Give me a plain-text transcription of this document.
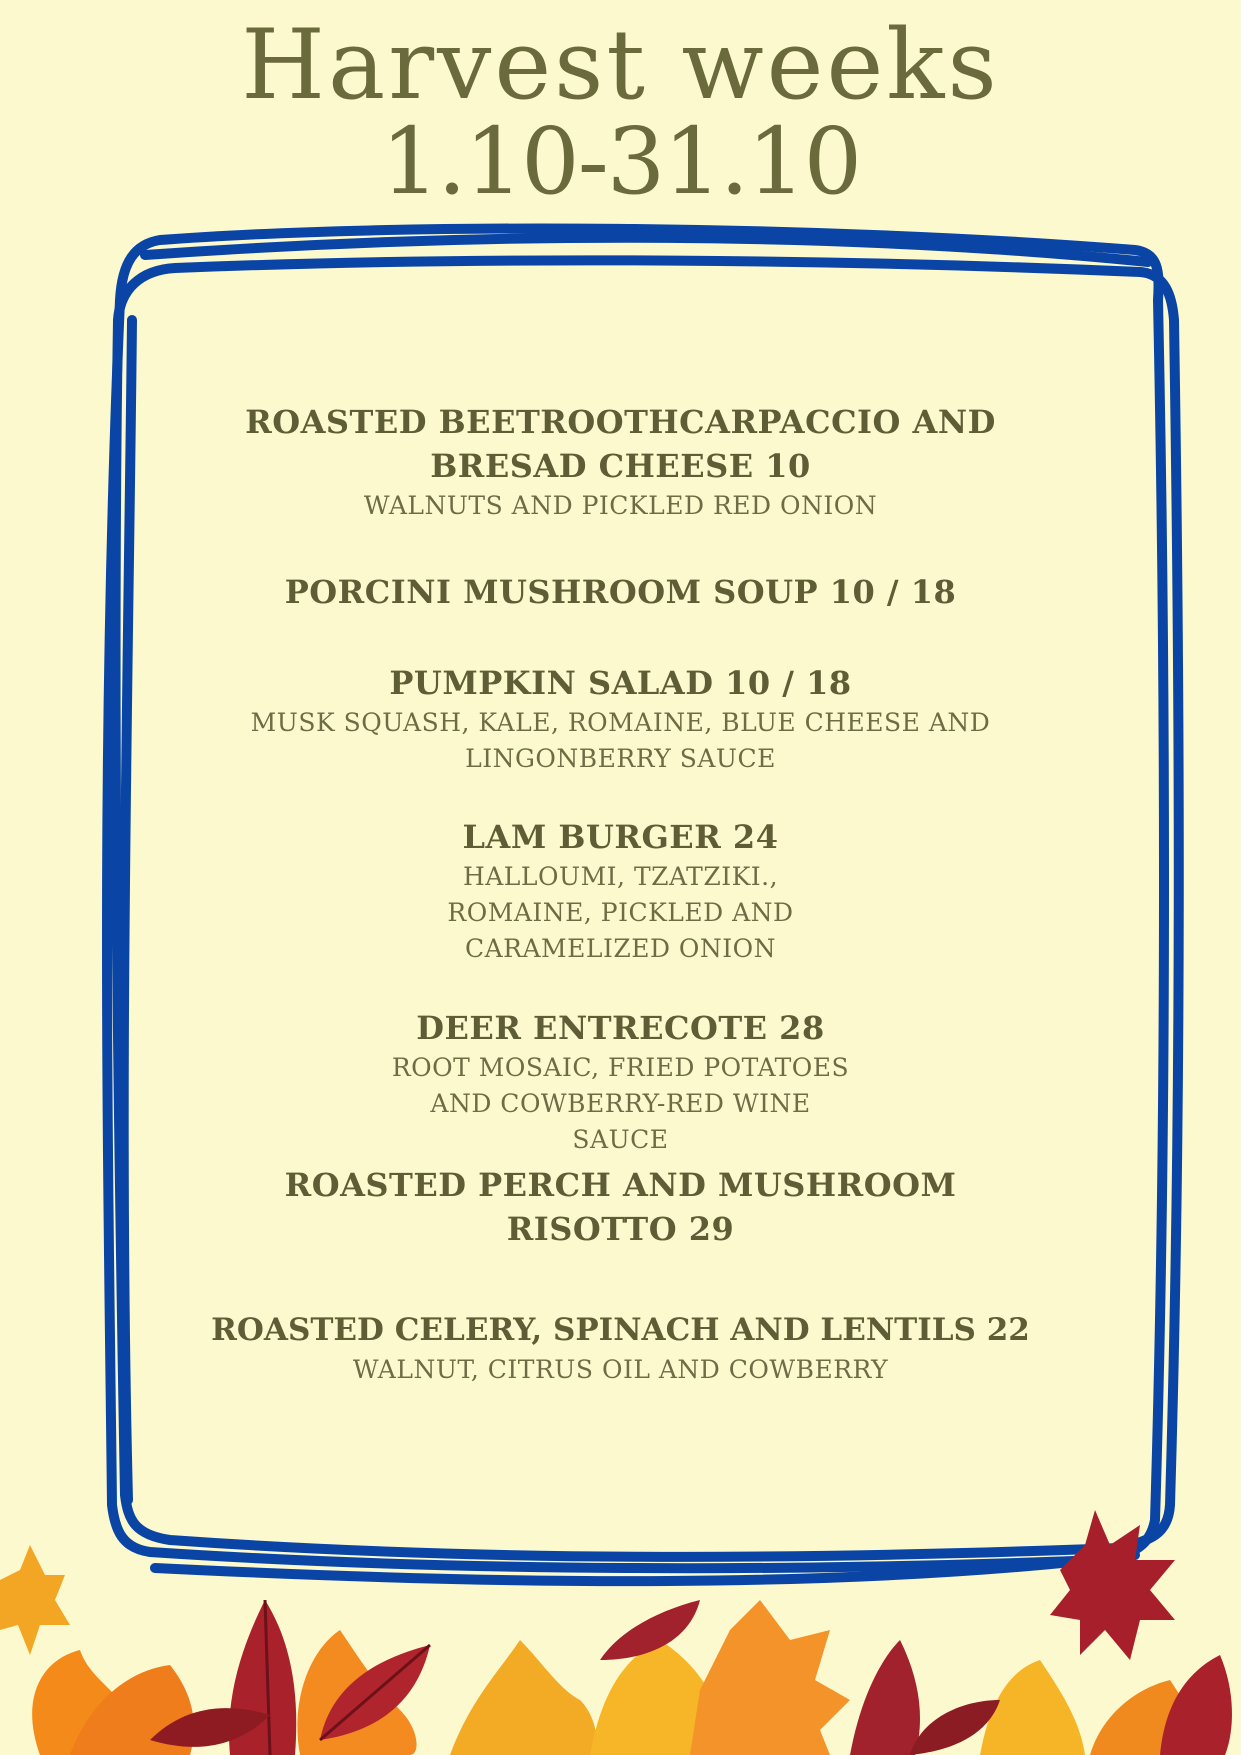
Harvest weeks
1.10-31.10
ROASTED BEETROOTHCARPACCIO AND BRESAD CHEESE 10
WALNUTS AND PICKLED RED ONION
PORCINI MUSHROOM SOUP 10 / 18
PUMPKIN SALAD 10 / 18
MUSK SQUASH, KALE, ROMAINE, BLUE CHEESE AND LINGONBERRY SAUCE
LAM BURGER 24
HALLOUMI, TZATZIKI., ROMAINE, PICKLED AND CARAMELIZED ONION
DEER ENTRECOTE 28
ROOT MOSAIC, FRIED POTATOES AND COWBERRY-RED WINE SAUCE
ROASTED PERCH AND MUSHROOM RISOTTO 29
ROASTED CELERY, SPINACH AND LENTILS 22
WALNUT, CITRUS OIL AND COWBERRY
